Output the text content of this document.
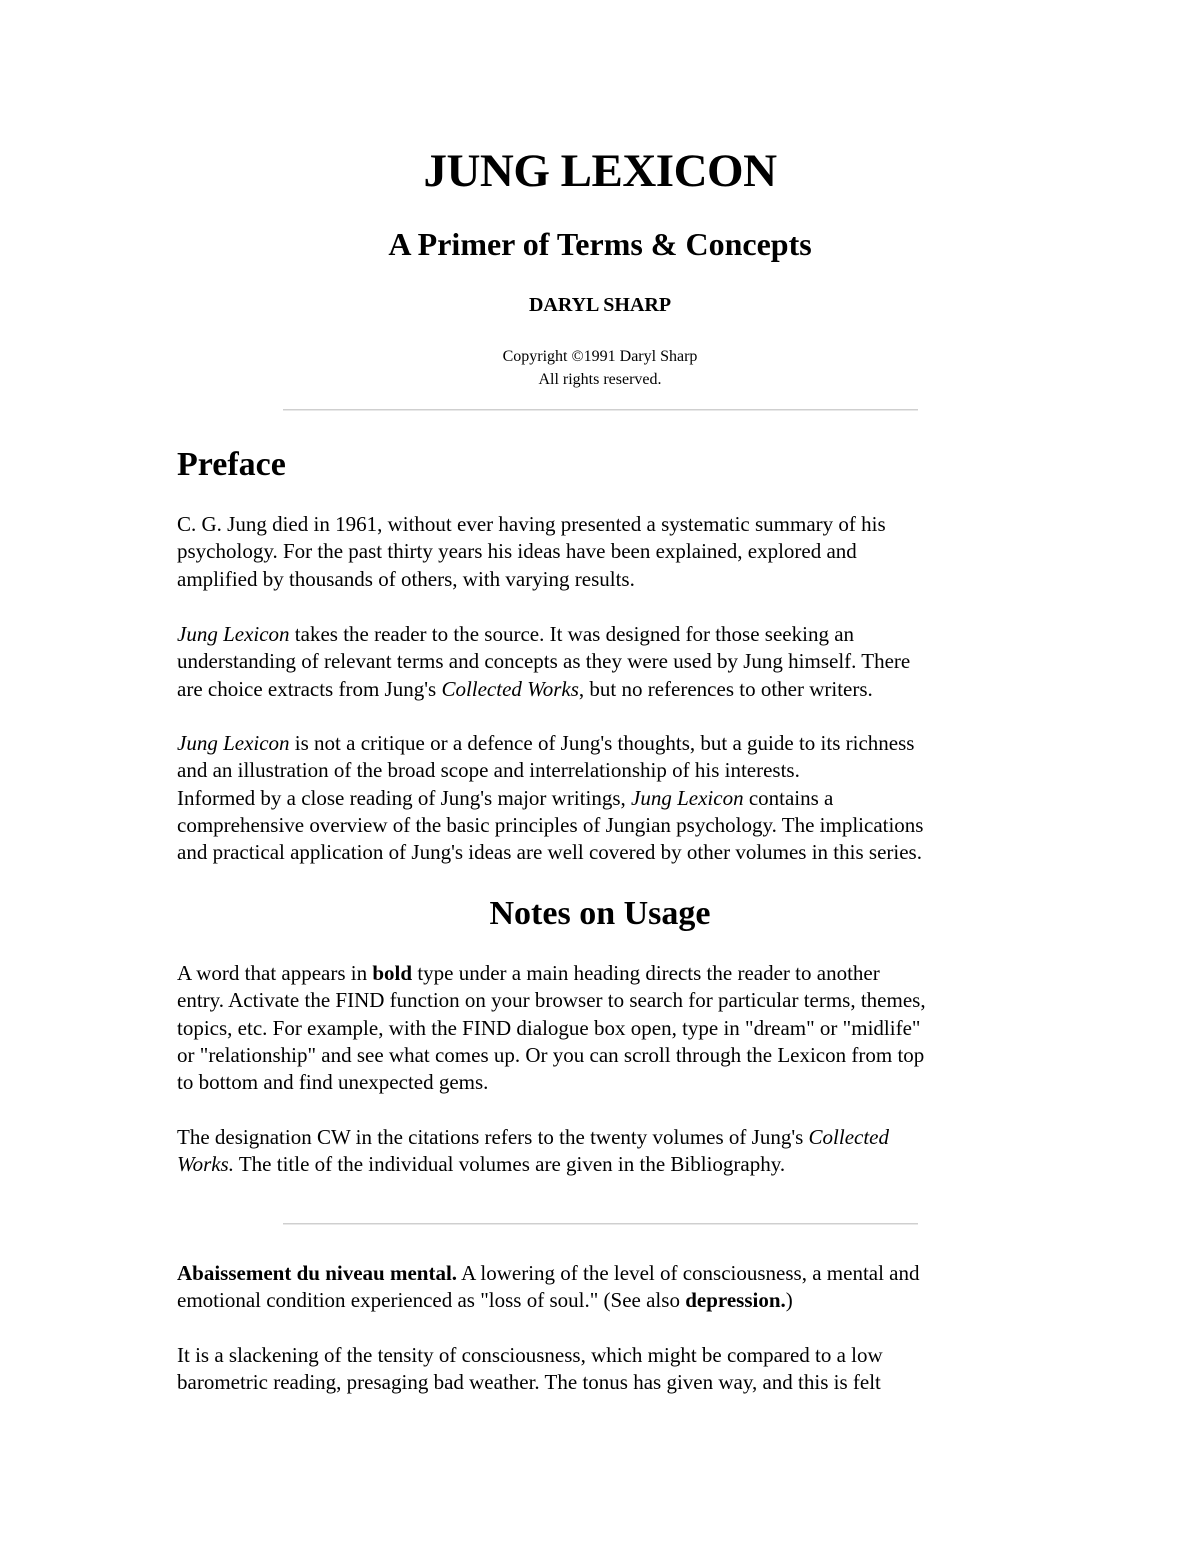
JUNG LEXICON
A Primer of Terms & Concepts
DARYL SHARP
Copyright ©1991 Daryl Sharp
All rights reserved.
Preface

C. G. Jung died in 1961, without ever having presented a systematic summary of his
psychology. For the past thirty years his ideas have been explained, explored and
amplified by thousands of others, with varying results.

Jung Lexicon takes the reader to the source. It was designed for those seeking an
understanding of relevant terms and concepts as they were used by Jung himself. There
are choice extracts from Jung's Collected Works, but no references to other writers.

Jung Lexicon is not a critique or a defence of Jung's thoughts, but a guide to its richness
and an illustration of the broad scope and interrelationship of his interests.
Informed by a close reading of Jung's major writings, Jung Lexicon contains a
comprehensive overview of the basic principles of Jungian psychology. The implications
and practical application of Jung's ideas are well covered by other volumes in this series.

Notes on Usage

A word that appears in bold type under a main heading directs the reader to another
entry. Activate the FIND function on your browser to search for particular terms, themes,
topics, etc. For example, with the FIND dialogue box open, type in "dream" or "midlife"
or "relationship" and see what comes up. Or you can scroll through the Lexicon from top
to bottom and find unexpected gems.

The designation CW in the citations refers to the twenty volumes of Jung's Collected
Works. The title of the individual volumes are given in the Bibliography.

Abaissement du niveau mental. A lowering of the level of consciousness, a mental and
emotional condition experienced as "loss of soul." (See also depression.)

It is a slackening of the tensity of consciousness, which might be compared to a low
barometric reading, presaging bad weather. The tonus has given way, and this is felt
